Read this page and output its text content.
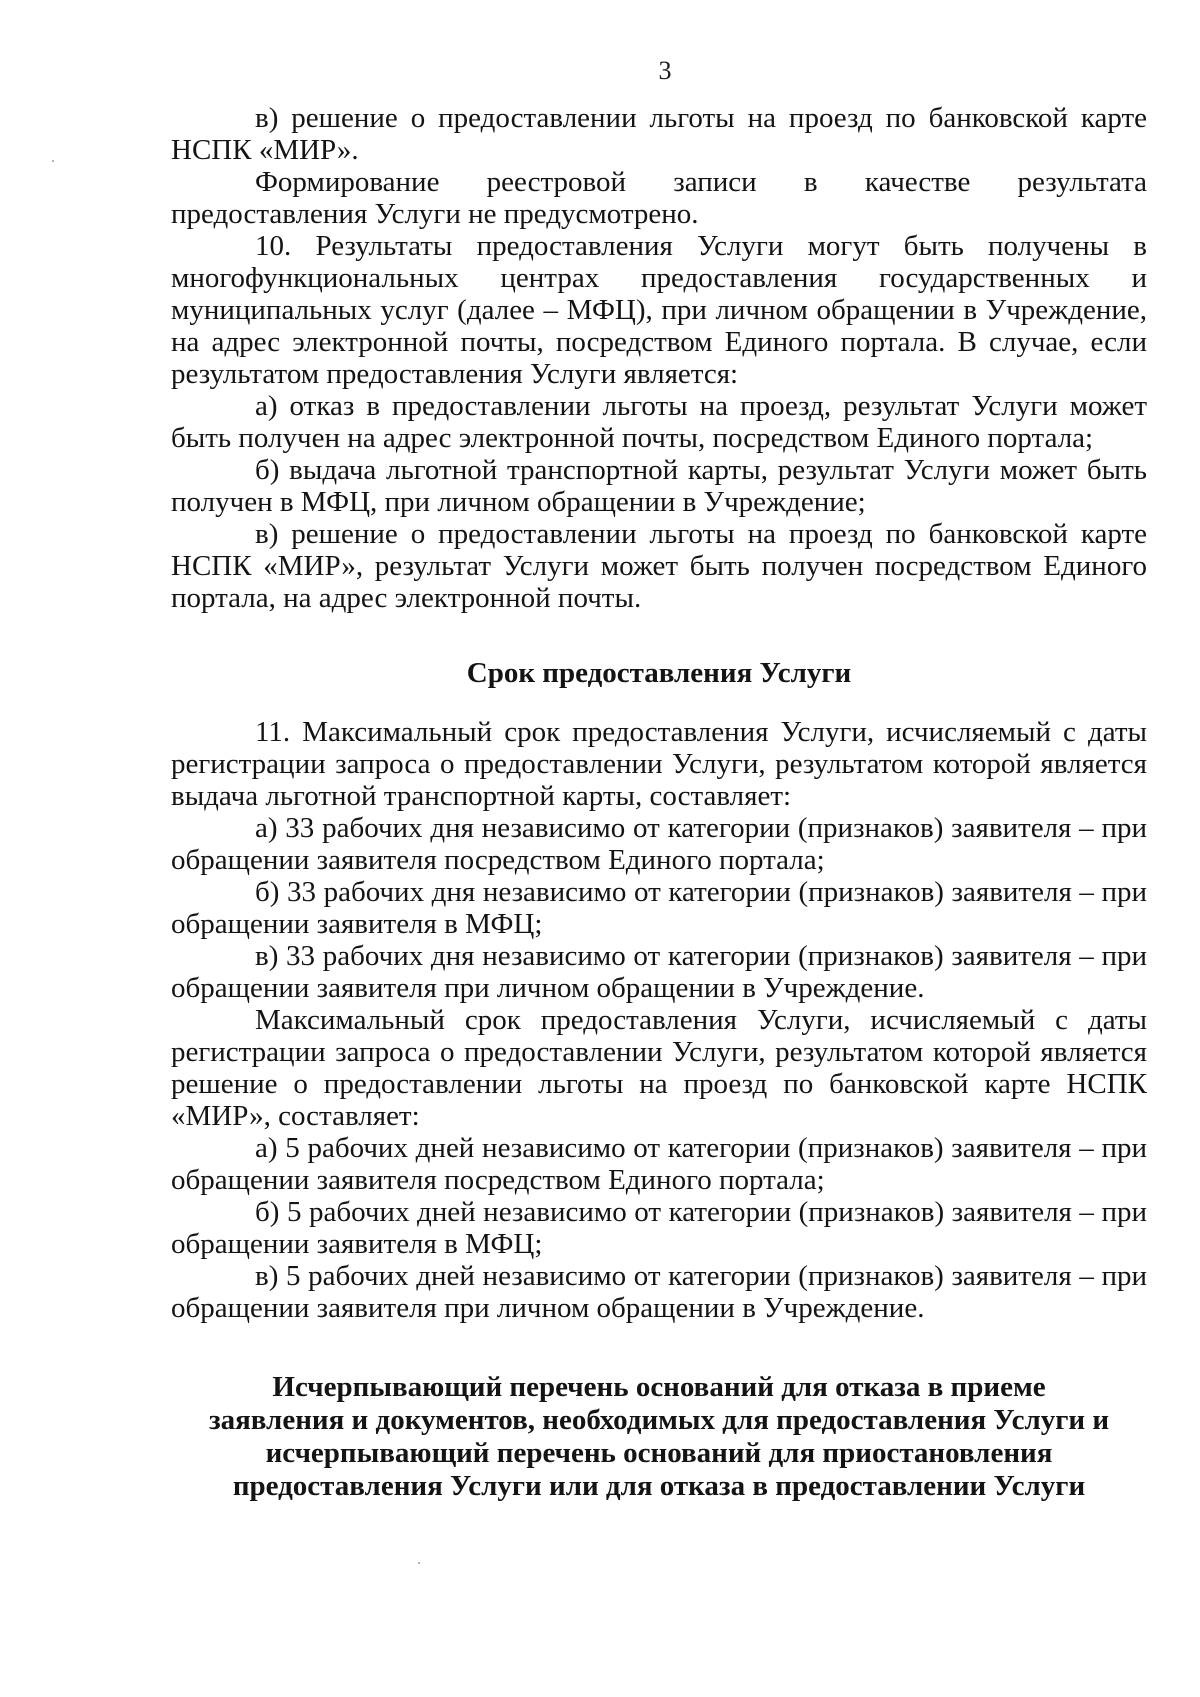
3

в) решение о предоставлении льготы на проезд по банковской карте НСПК «МИР».

Формирование реестровой записи в качестве результата предоставления Услуги не предусмотрено.

10. Результаты предоставления Услуги могут быть получены в многофункциональных центрах предоставления государственных и муниципальных услуг (далее – МФЦ), при личном обращении в Учреждение, на адрес электронной почты, посредством Единого портала. В случае, если результатом предоставления Услуги является:

а) отказ в предоставлении льготы на проезд, результат Услуги может быть получен на адрес электронной почты, посредством Единого портала;

б) выдача льготной транспортной карты, результат Услуги может быть получен в МФЦ, при личном обращении в Учреждение;

в) решение о предоставлении льготы на проезд по банковской карте НСПК «МИР», результат Услуги может быть получен посредством Единого портала, на адрес электронной почты.

Срок предоставления Услуги

11. Максимальный срок предоставления Услуги, исчисляемый с даты регистрации запроса о предоставлении Услуги, результатом которой является выдача льготной транспортной карты, составляет:

а) 33 рабочих дня независимо от категории (признаков) заявителя – при обращении заявителя посредством Единого портала;

б) 33 рабочих дня независимо от категории (признаков) заявителя – при обращении заявителя в МФЦ;

в) 33 рабочих дня независимо от категории (признаков) заявителя – при обращении заявителя при личном обращении в Учреждение.

Максимальный срок предоставления Услуги, исчисляемый с даты регистрации запроса о предоставлении Услуги, результатом которой является решение о предоставлении льготы на проезд по банковской карте НСПК «МИР», составляет:

а) 5 рабочих дней независимо от категории (признаков) заявителя – при обращении заявителя посредством Единого портала;

б) 5 рабочих дней независимо от категории (признаков) заявителя – при обращении заявителя в МФЦ;

в) 5 рабочих дней независимо от категории (признаков) заявителя – при обращении заявителя при личном обращении в Учреждение.

Исчерпывающий перечень оснований для отказа в приеме
заявления и документов, необходимых для предоставления Услуги и
исчерпывающий перечень оснований для приостановления
предоставления Услуги или для отказа в предоставлении Услуги
